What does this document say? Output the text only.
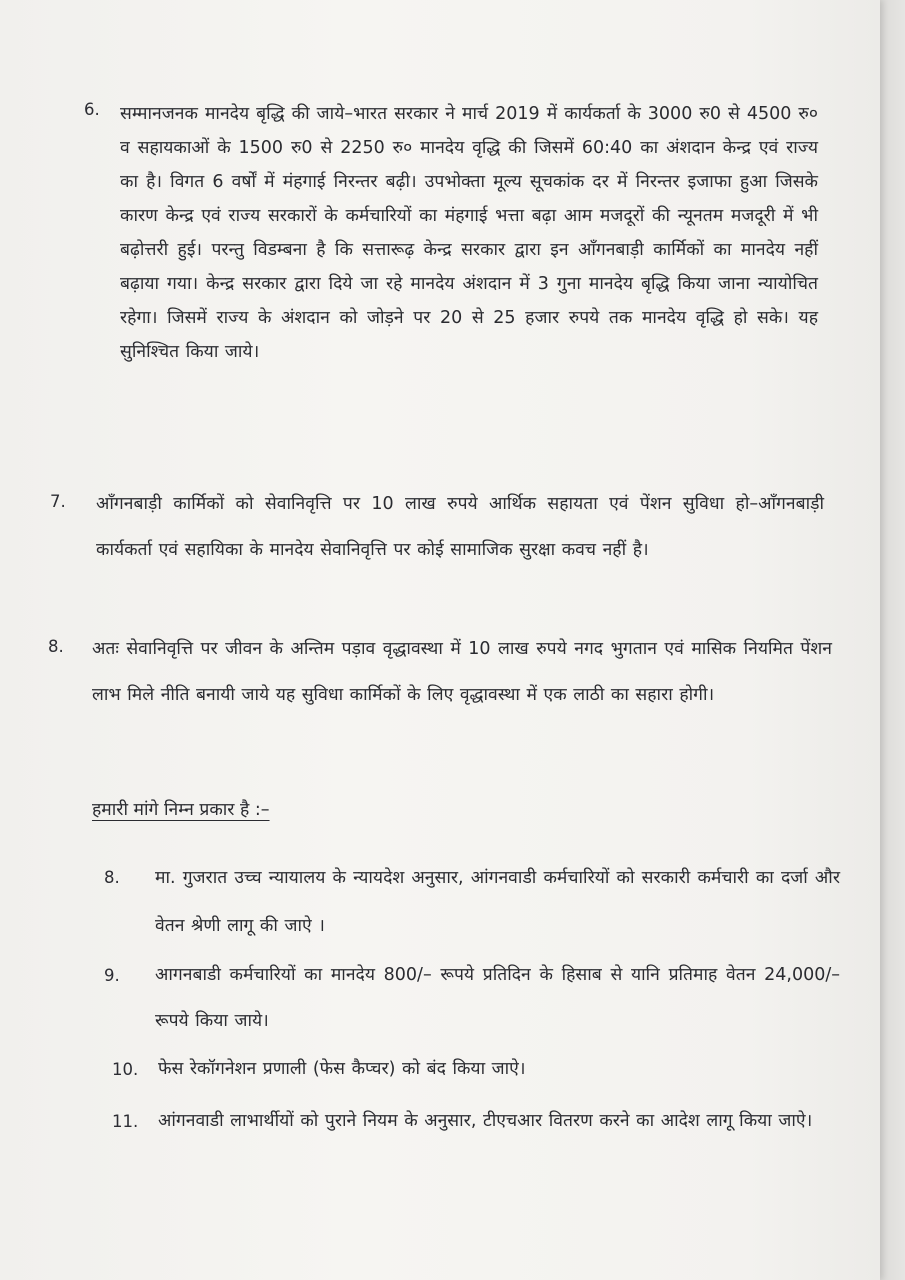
6. सम्मानजनक मानदेय बृद्धि की जाये–भारत सरकार ने मार्च 2019 में कार्यकर्ता के 3000 रु0 से 4500 रु० व सहायकाओं के 1500 रु0 से 2250 रु० मानदेय वृद्धि की जिसमें 60:40 का अंशदान केन्द्र एवं राज्य का है। विगत 6 वर्षों में मंहगाई निरन्तर बढ़ी। उपभोक्ता मूल्य सूचकांक दर में निरन्तर इजाफा हुआ जिसके कारण केन्द्र एवं राज्य सरकारों के कर्मचारियों का मंहगाई भत्ता बढ़ा आम मजदूरों की न्यूनतम मजदूरी में भी बढ़ोत्तरी हुई। परन्तु विडम्बना है कि सत्तारूढ़ केन्द्र सरकार द्वारा इन आँगनबाड़ी कार्मिकों का मानदेय नहीं बढ़ाया गया। केन्द्र सरकार द्वारा दिये जा रहे मानदेय अंशदान में 3 गुना मानदेय बृद्धि किया जाना न्यायोचित रहेगा। जिसमें राज्य के अंशदान को जोड़ने पर 20 से 25 हजार रुपये तक मानदेय वृद्धि हो सके। यह सुनिश्चित किया जाये।
7. आँगनबाड़ी कार्मिकों को सेवानिवृत्ति पर 10 लाख रुपये आर्थिक सहायता एवं पेंशन सुविधा हो–आँगनबाड़ी कार्यकर्ता एवं सहायिका के मानदेय सेवानिवृत्ति पर कोई सामाजिक सुरक्षा कवच नहीं है।
8. अतः सेवानिवृत्ति पर जीवन के अन्तिम पड़ाव वृद्धावस्था में 10 लाख रुपये नगद भुगतान एवं मासिक नियमित पेंशन लाभ मिले नीति बनायी जाये यह सुविधा कार्मिकों के लिए वृद्धावस्था में एक लाठी का सहारा होगी।
हमारी मांगे निम्न प्रकार है :–
8. मा. गुजरात उच्च न्यायालय के न्यायदेश अनुसार, आंगनवाडी कर्मचारियों को सरकारी कर्मचारी का दर्जा और वेतन श्रेणी लागू की जाऐ ।
9. आगनबाडी कर्मचारियों का मानदेय 800/– रूपये प्रतिदिन के हिसाब से यानि प्रतिमाह वेतन 24,000/– रूपये किया जाये।
10. फेस रेकॉगनेशन प्रणाली (फेस कैप्चर) को बंद किया जाऐ।
11. आंगनवाडी लाभार्थीयों को पुराने नियम के अनुसार, टीएचआर वितरण करने का आदेश लागू किया जाऐ।
